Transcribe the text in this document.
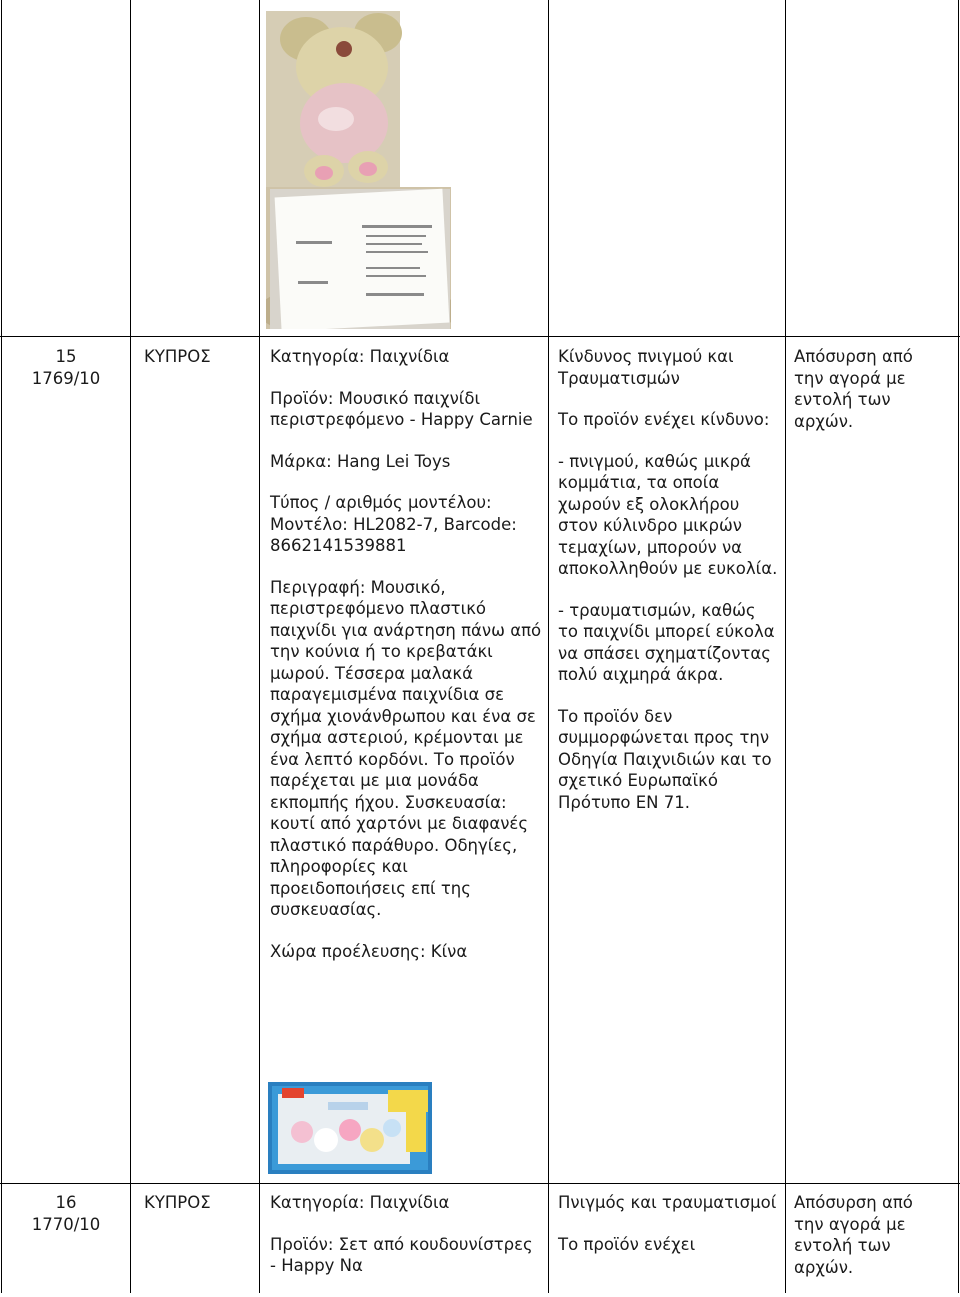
15
1769/10
ΚΥΠΡΟΣ	Κατηγορία: Παιχνίδια

Προϊόν: Μουσικό παιχνίδι περιστρεφόμενο - Happy Carnie

Μάρκα: Hang Lei Toys

Τύπος / αριθμός μοντέλου: Μοντέλο: HL2082-7, Barcode: 8662141539881

Περιγραφή: Μουσικό, περιστρεφόμενο πλαστικό παιχνίδι για ανάρτηση πάνω από την κούνια ή το κρεβατάκι μωρού. Τέσσερα μαλακά παραγεμισμένα παιχνίδια σε σχήμα χιονάνθρωπου και ένα σε σχήμα αστεριού, κρέμονται με ένα λεπτό κορδόνι. Το προϊόν παρέχεται με μια μονάδα εκπομπής ήχου. Συσκευασία: κουτί από χαρτόνι με διαφανές πλαστικό παράθυρο. Οδηγίες, πληροφορίες και προειδοποιήσεις επί της συσκευασίας.

Χώρα προέλευσης: Κίνα

Κίνδυνος πνιγμού και Τραυματισμών

Το προϊόν ενέχει κίνδυνο:

- πνιγμού, καθώς μικρά κομμάτια, τα οποία χωρούν εξ ολοκλήρου στον κύλινδρο μικρών τεμαχίων, μπορούν να αποκολληθούν με ευκολία.

- τραυματισμών, καθώς το παιχνίδι μπορεί εύκολα να σπάσει σχηματίζοντας πολύ αιχμηρά άκρα.

Το προϊόν δεν συμμορφώνεται προς την Οδηγία Παιχνιδιών και το σχετικό Ευρωπαϊκό Πρότυπο ΕΝ 71.

Απόσυρση από την αγορά με εντολή των αρχών.
16
1770/10
ΚΥΠΡΟΣ	Κατηγορία: Παιχνίδια

Προϊόν: Σετ από κουδουνίστρες - Happy Να

Πνιγμός και τραυματισμοί

Το προϊόν ενέχει

Απόσυρση από την αγορά με εντολή των αρχών.
